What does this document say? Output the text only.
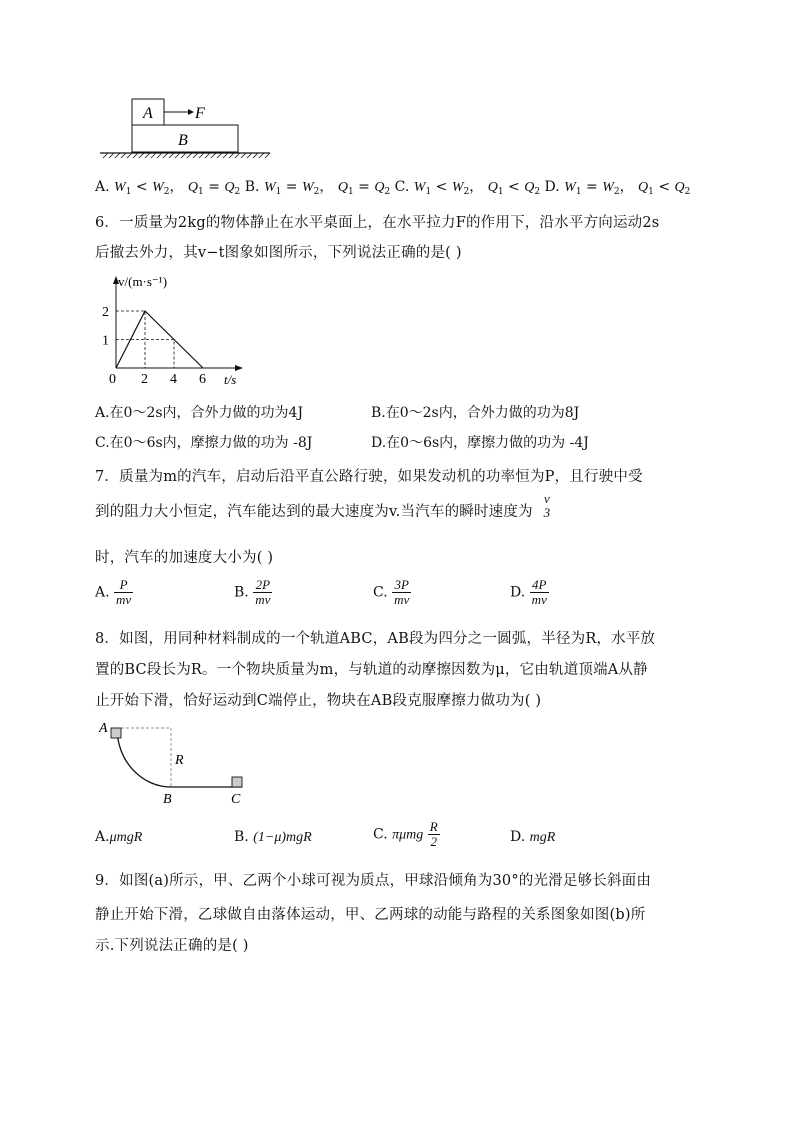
A
B
F
A. $W_1 < W_2$， $Q_1 = Q_2$ B. $W_1 = W_2$， $Q_1 = Q_2$ C. $W_1 < W_2$， $Q_1 < Q_2$ D. $W_1 = W_2$， $Q_1 < Q_2$
6．一质量为2kg的物体静止在水平桌面上，在水平拉力F的作用下，沿水平方向运动2s
后撤去外力，其v−t图象如图所示，下列说法正确的是( )
v/(m·s⁻¹)
t/s
0 2 4 6
1
2
A.在0～2s内，合外力做的功为4J	B.在0～2s内，合外力做的功为8J
C.在0～6s内，摩擦力做的功为 -8J	D.在0～6s内，摩擦力做的功为 -4J
7．质量为m的汽车，启动后沿平直公路行驶，如果发动机的功率恒为P，且行驶中受
到的阻力大小恒定，汽车能达到的最大速度为v.当汽车的瞬时速度为
v
3
时，汽车的加速度大小为( )
A. $\frac{P}{mv}$	B. $\frac{2P}{mv}$	C. $\frac{3P}{mv}$	D. $\frac{4P}{mv}$
8．如图，用同种材料制成的一个轨道ABC，AB段为四分之一圆弧，半径为R，水平放
置的BC段长为R。一个物块质量为m，与轨道的动摩擦因数为μ，它由轨道顶端A从静
止开始下滑，恰好运动到C端停止，物块在AB段克服摩擦力做功为( )
A
B	C
R
A.μmgR	B. (1−μ)mgR	C. πμmg $\frac{R}{2}$	D. mgR
9．如图(a)所示，甲、乙两个小球可视为质点，甲球沿倾角为30°的光滑足够长斜面由
静止开始下滑，乙球做自由落体运动，甲、乙两球的动能与路程的关系图象如图(b)所
示.下列说法正确的是( )
